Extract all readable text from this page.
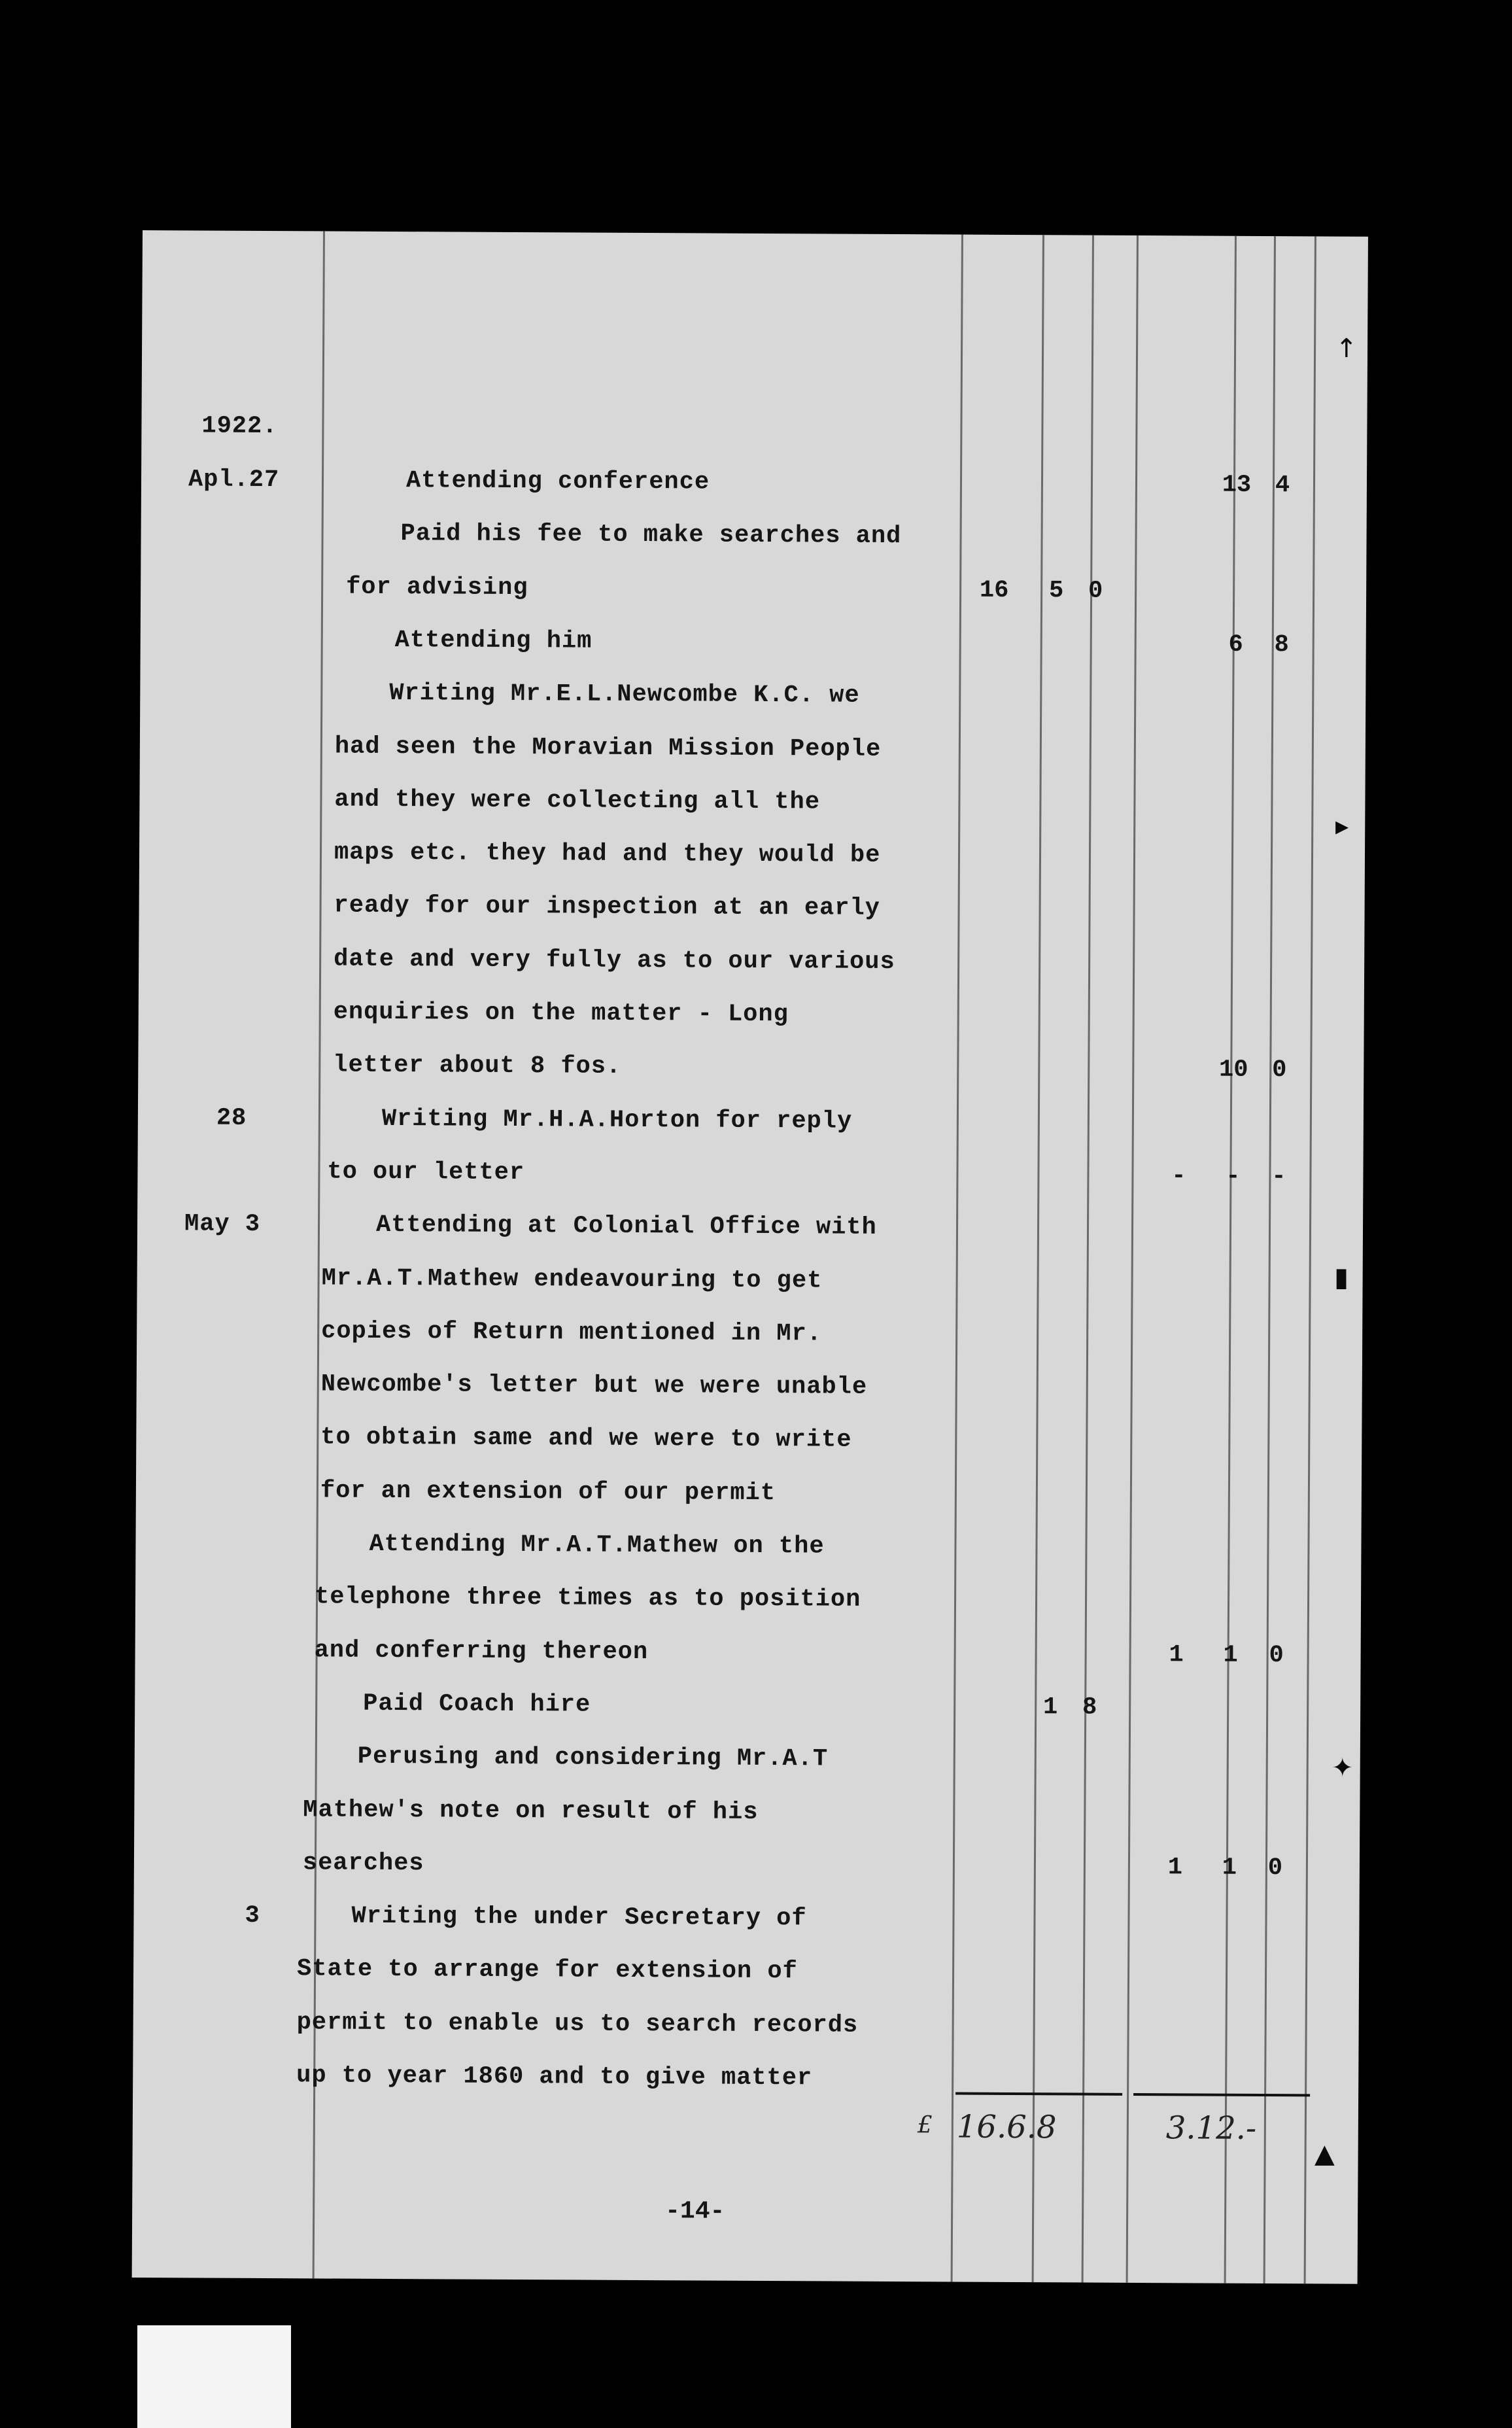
1922.
Apl.27	Attending conference	13 4
Paid his fee to make searches and
for advising	16	5	0
Attending him	6	8
Writing Mr.E.L.Newcombe K.C. we
had seen the Moravian Mission People
and they were collecting all the
maps etc. they had and they would be
ready for our inspection at an early
date and very fully as to our various
enquiries on the matter - Long
letter about 8 fos.	10 0
28	Writing Mr.H.A.Horton for reply
to our letter	-	-	-
May 3	Attending at Colonial Office with
Mr.A.T.Mathew endeavouring to get
copies of Return mentioned in Mr.
Newcombe's letter but we were unable
to obtain same and we were to write
for an extension of our permit
Attending Mr.A.T.Mathew on the
telephone three times as to position
and conferring thereon	1	1	0
Paid Coach hire	1	8
Perusing and considering Mr.A.T
Mathew's note on result of his
searches	1	1	0
3	Writing the under Secretary of
State to arrange for extension of
permit to enable us to search records
up to year 1860 and to give matter
£ 16.6.8	3.12.-
-14-
↑
▸
▮
✦
▲
